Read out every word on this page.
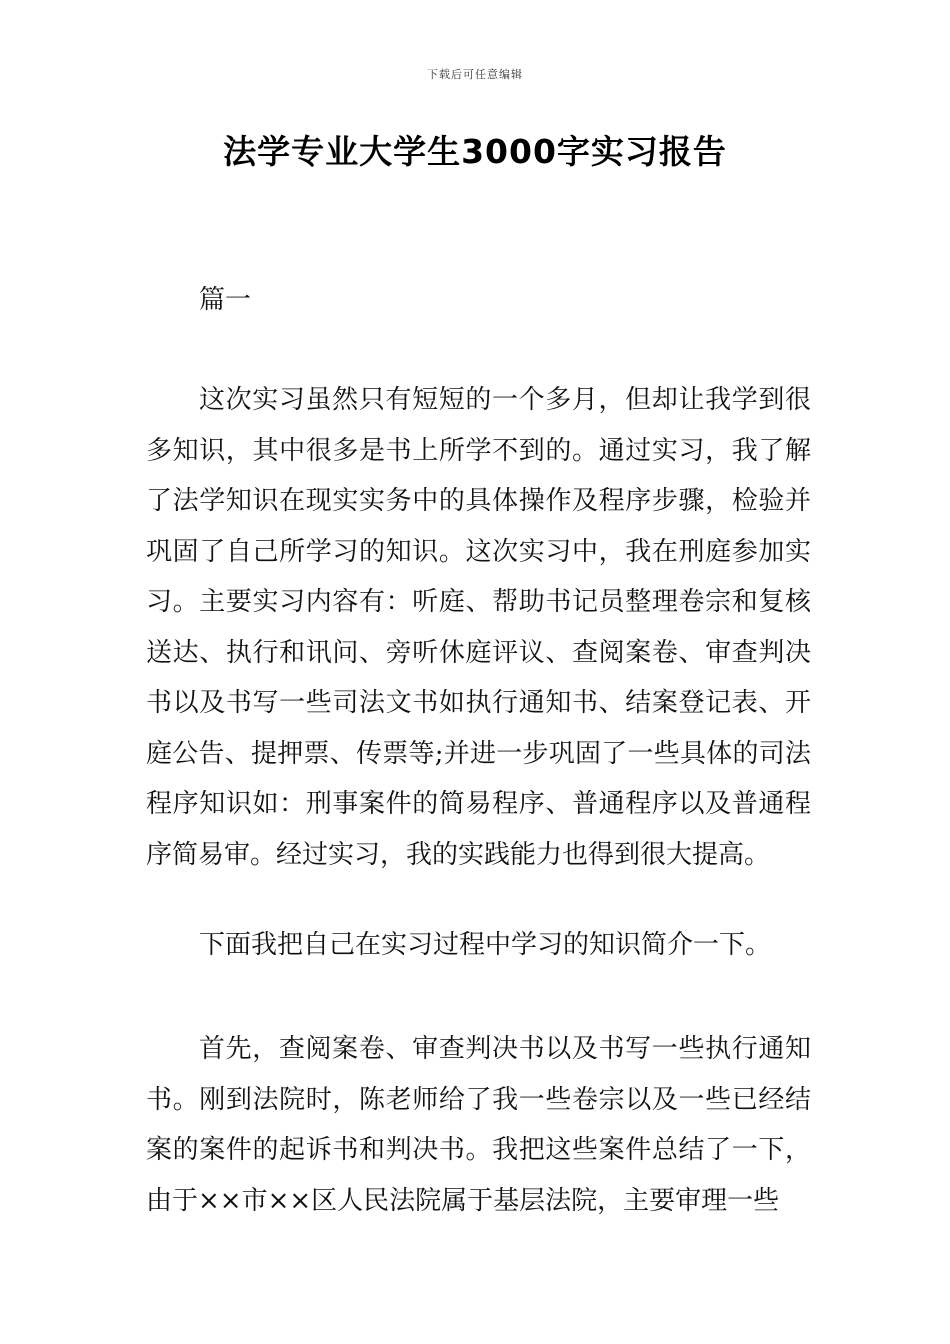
下载后可任意编辑
法学专业大学生3000字实习报告

篇一

这次实习虽然只有短短的一个多月，但却让我学到很多知识，其中很多是书上所学不到的。通过实习，我了解了法学知识在现实实务中的具体操作及程序步骤，检验并巩固了自己所学习的知识。这次实习中，我在刑庭参加实习。主要实习内容有：听庭、帮助书记员整理卷宗和复核送达、执行和讯问、旁听休庭评议、查阅案卷、审查判决书以及书写一些司法文书如执行通知书、结案登记表、开庭公告、提押票、传票等;并进一步巩固了一些具体的司法程序知识如：刑事案件的简易程序、普通程序以及普通程序简易审。经过实习，我的实践能力也得到很大提高。

下面我把自己在实习过程中学习的知识简介一下。

首先，查阅案卷、审查判决书以及书写一些执行通知书。刚到法院时，陈老师给了我一些卷宗以及一些已经结案的案件的起诉书和判决书。我把这些案件总结了一下，由于××市××区人民法院属于基层法院，主要审理一些
